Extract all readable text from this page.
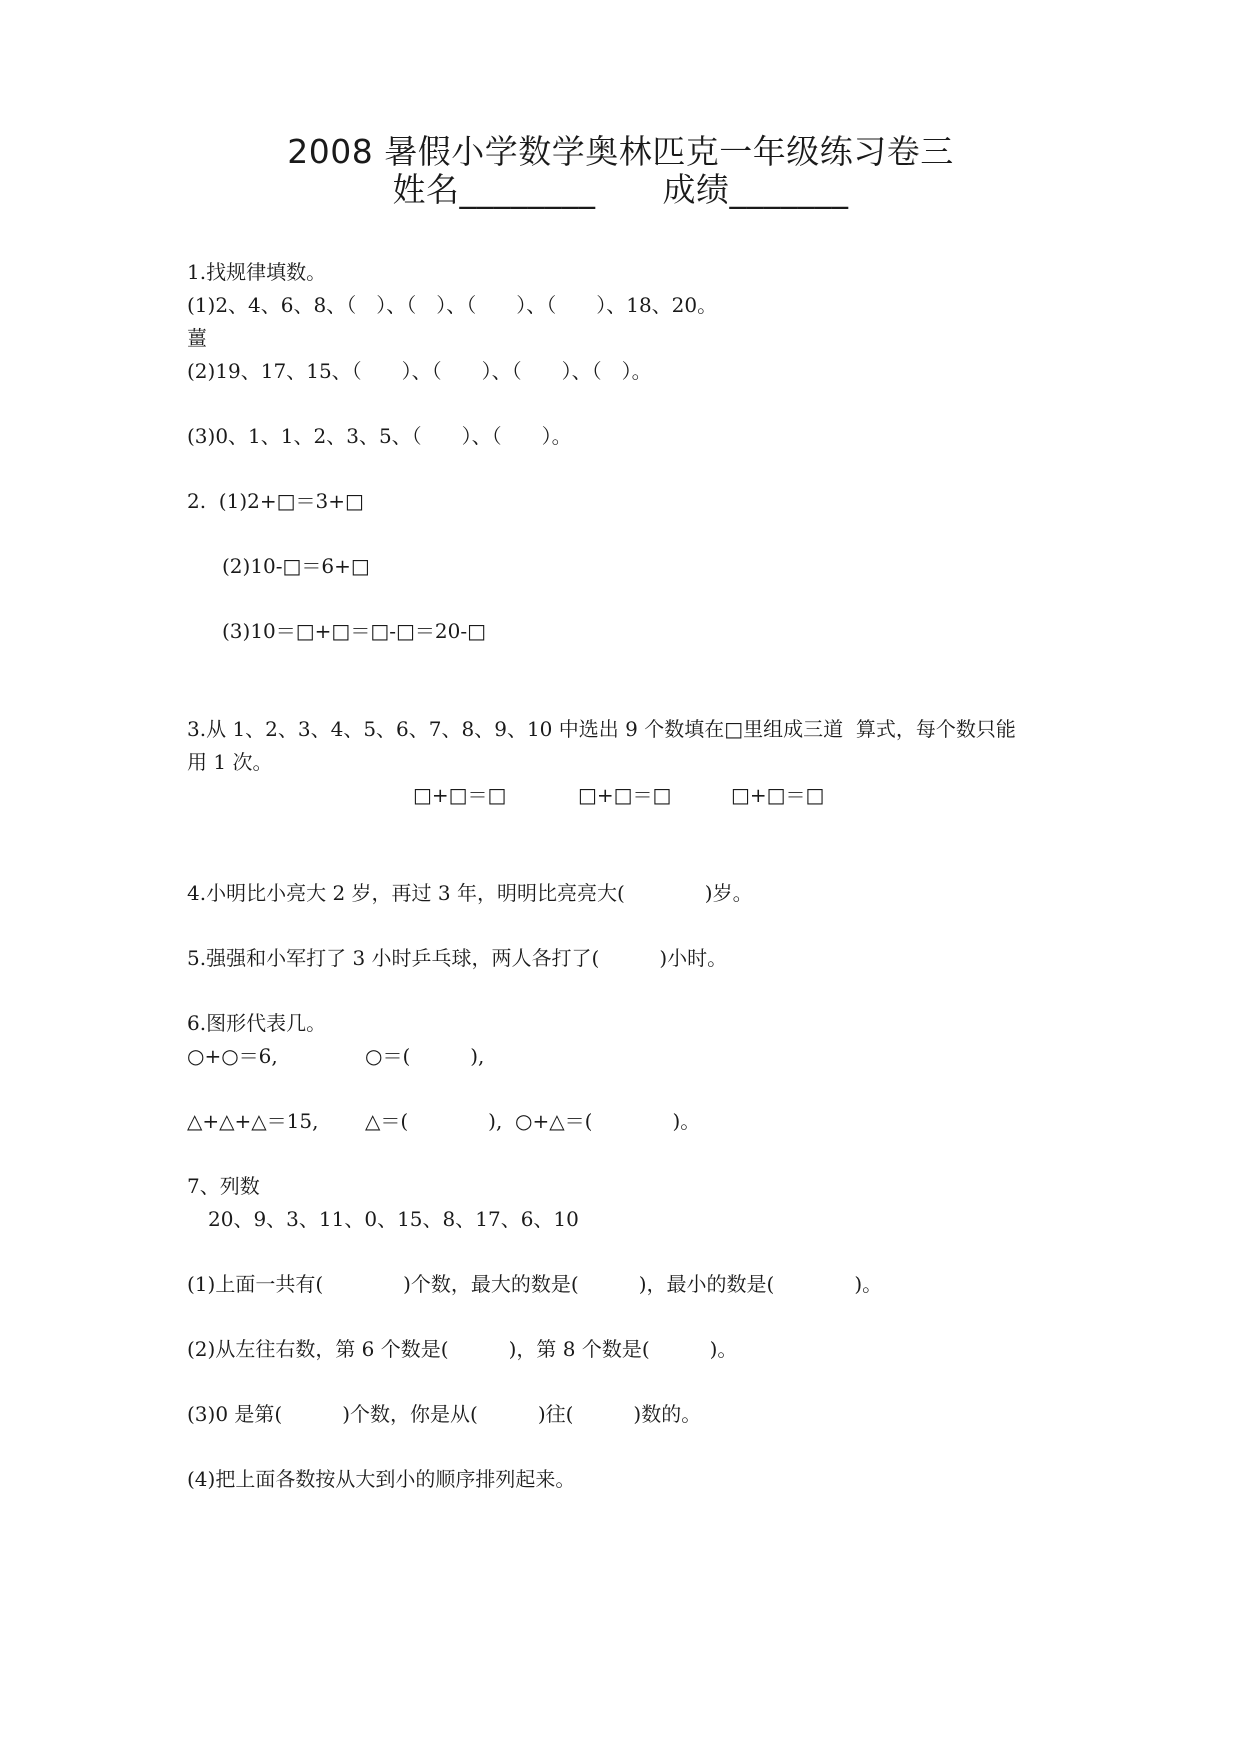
2008 暑假小学数学奥林匹克一年级练习卷三
姓名________　　成绩_______
1.找规律填数。
(1)2、4、6、8、（　）、（　）、（　　）、（　　）、18、20。
薑
(2)19、17、15、（　　）、（　　）、（　　）、（　）。
(3)0、1、1、2、3、5、（　　）、（　　）。
2.  (1)2+□＝3+□
(2)10-□＝6+□
(3)10＝□+□＝□-□＝20-□
3.从 1、2、3、4、5、6、7、8、9、10 中选出 9 个数填在□里组成三道  算式，每个数只能
用 1 次。
□+□＝□	□+□＝□	□+□＝□
4.小明比小亮大 2 岁，再过 3 年，明明比亮亮大(　　　　)岁。
5.强强和小军打了 3 小时乒乓球，两人各打了(　　　)小时。
6.图形代表几。
○+○＝6,	○＝(　　　),
△+△+△＝15, △＝(　　　　),  ○+△＝(　　　　)。
7、列数
20、9、3、11、0、15、8、17、6、10
(1)上面一共有(　　　　)个数，最大的数是(　　　)，最小的数是(　　　　)。
(2)从左往右数，第 6 个数是(　　　)，第 8 个数是(　　　)。
(3)0 是第(　　　)个数，你是从(　　　)往(　　　)数的。
(4)把上面各数按从大到小的顺序排列起来。
